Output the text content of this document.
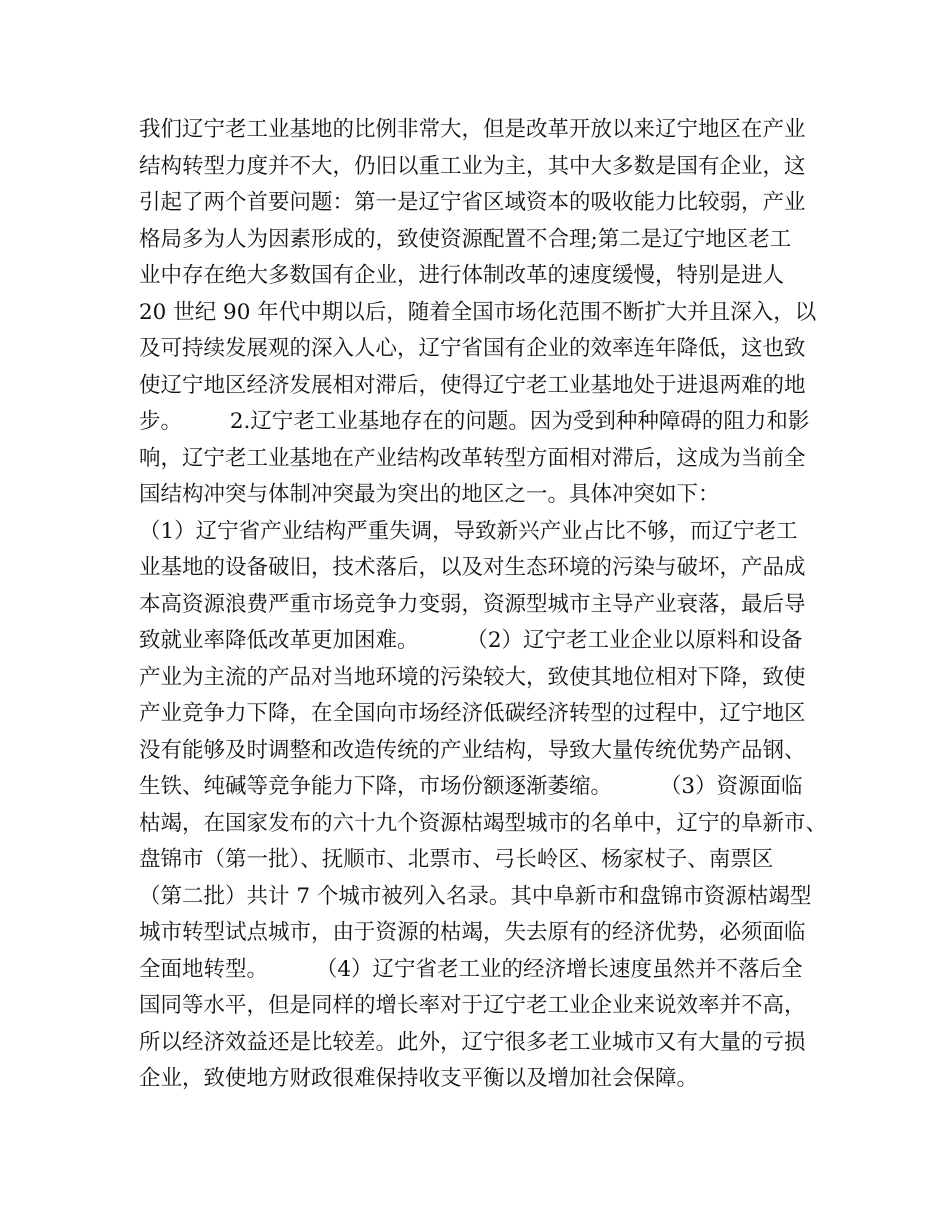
我们辽宁老工业基地的比例非常大，但是改革开放以来辽宁地区在产业
结构转型力度并不大，仍旧以重工业为主，其中大多数是国有企业，这
引起了两个首要问题：第一是辽宁省区域资本的吸收能力比较弱，产业
格局多为人为因素形成的，致使资源配置不合理;第二是辽宁地区老工
业中存在绝大多数国有企业，进行体制改革的速度缓慢，特别是进人
20 世纪 90 年代中期以后，随着全国市场化范围不断扩大并且深入，以
及可持续发展观的深入人心，辽宁省国有企业的效率连年降低，这也致
使辽宁地区经济发展相对滞后，使得辽宁老工业基地处于进退两难的地
步。       2.辽宁老工业基地存在的问题。因为受到种种障碍的阻力和影
响，辽宁老工业基地在产业结构改革转型方面相对滞后，这成为当前全
国结构冲突与体制冲突最为突出的地区之一。具体冲突如下：
（1）辽宁省产业结构严重失调，导致新兴产业占比不够，而辽宁老工
业基地的设备破旧，技术落后，以及对生态环境的污染与破坏，产品成
本高资源浪费严重市场竞争力变弱，资源型城市主导产业衰落，最后导
致就业率降低改革更加困难。       （2）辽宁老工业企业以原料和设备
产业为主流的产品对当地环境的污染较大，致使其地位相对下降，致使
产业竞争力下降，在全国向市场经济低碳经济转型的过程中，辽宁地区
没有能够及时调整和改造传统的产业结构，导致大量传统优势产品钢、
生铁、纯碱等竞争能力下降，市场份额逐渐萎缩。       （3）资源面临
枯竭，在国家发布的六十九个资源枯竭型城市的名单中，辽宁的阜新市、
盘锦市（第一批）、抚顺市、北票市、弓长岭区、杨家杖子、南票区
（第二批）共计 7 个城市被列入名录。其中阜新市和盘锦市资源枯竭型
城市转型试点城市，由于资源的枯竭，失去原有的经济优势，必须面临
全面地转型。       （4）辽宁省老工业的经济增长速度虽然并不落后全
国同等水平，但是同样的增长率对于辽宁老工业企业来说效率并不高，
所以经济效益还是比较差。此外，辽宁很多老工业城市又有大量的亏损
企业，致使地方财政很难保持收支平衡以及增加社会保障。
